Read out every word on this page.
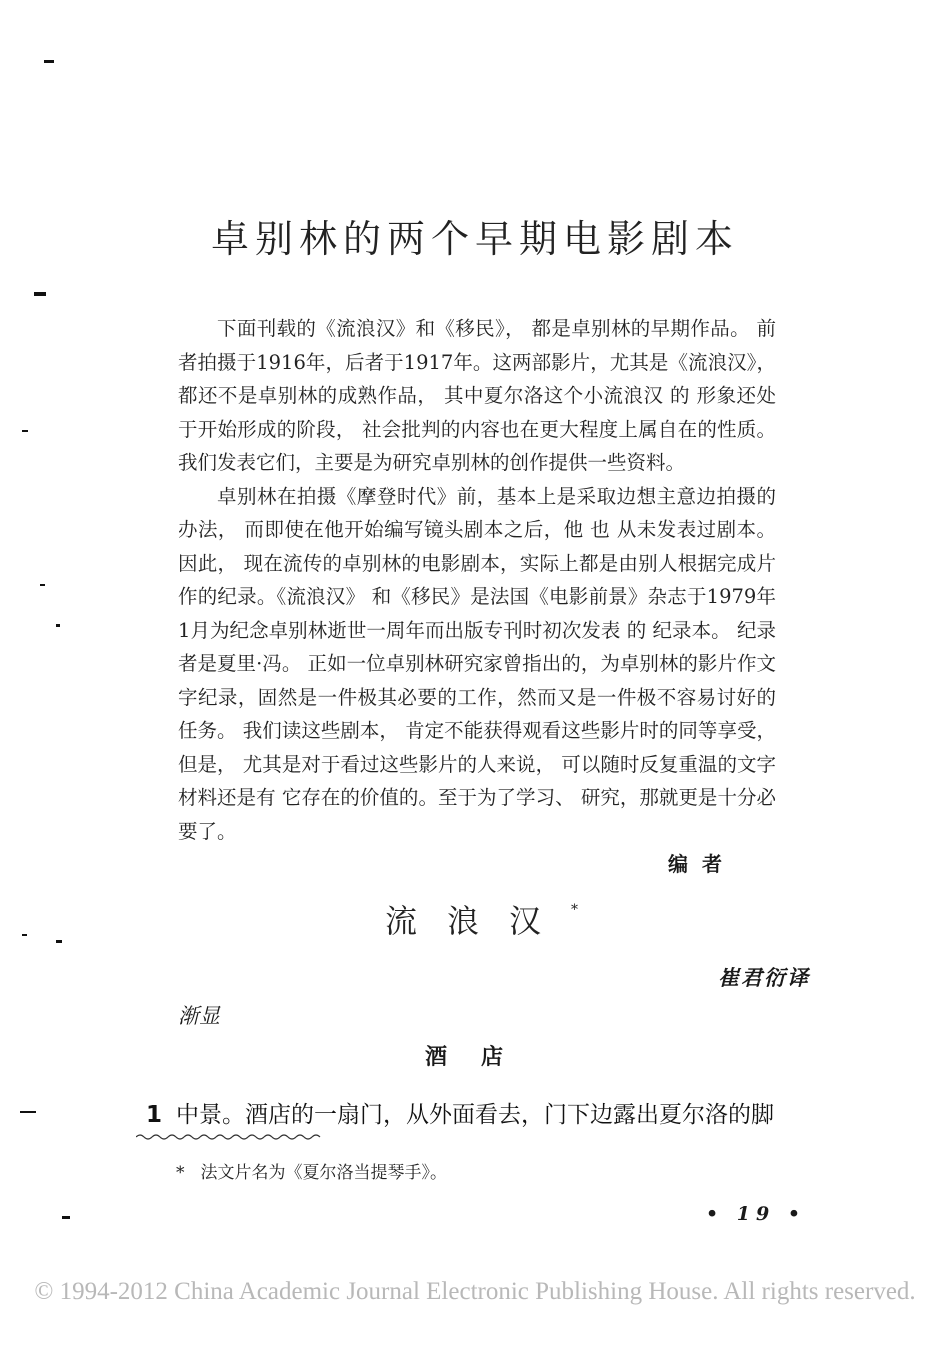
卓别林的两个早期电影剧本

下面刊载的《流浪汉》和《移民》， 都是卓别林的早期作品。 前者拍摄于1916年，后者于1917年。这两部影片，尤其是《流浪汉》，都还不是卓别林的成熟作品， 其中夏尔洛这个小流浪汉 的 形象还处于开始形成的阶段， 社会批判的内容也在更大程度上属自在的性质。我们发表它们，主要是为研究卓别林的创作提供一些资料。

卓别林在拍摄《摩登时代》前，基本上是采取边想主意边拍摄的办法， 而即使在他开始编写镜头剧本之后，他 也 从未发表过剧本。 因此， 现在流传的卓别林的电影剧本，实际上都是由别人根据完成片作的纪录。《流浪汉》 和《移民》是法国《电影前景》杂志于1979年1月为纪念卓别林逝世一周年而出版专刊时初次发表 的 纪录本。 纪录者是夏里·冯。 正如一位卓别林研究家曾指出的，为卓别林的影片作文字纪录，固然是一件极其必要的工作，然而又是一件极不容易讨好的任务。 我们读这些剧本， 肯定不能获得观看这些影片时的同等享受， 但是， 尤其是对于看过这些影片的人来说， 可以随时反复重温的文字材料还是有 它存在的价值的。至于为了学习、 研究，那就更是十分必要了。

编者
流浪汉*
崔君衍译
渐显
酒店
1 中景。酒店的一扇门，从外面看去，门下边露出夏尔洛的脚
* 法文片名为《夏尔洛当提琴手》。
• 19 •
© 1994-2012 China Academic Journal Electronic Publishing House. All rights reserved.
